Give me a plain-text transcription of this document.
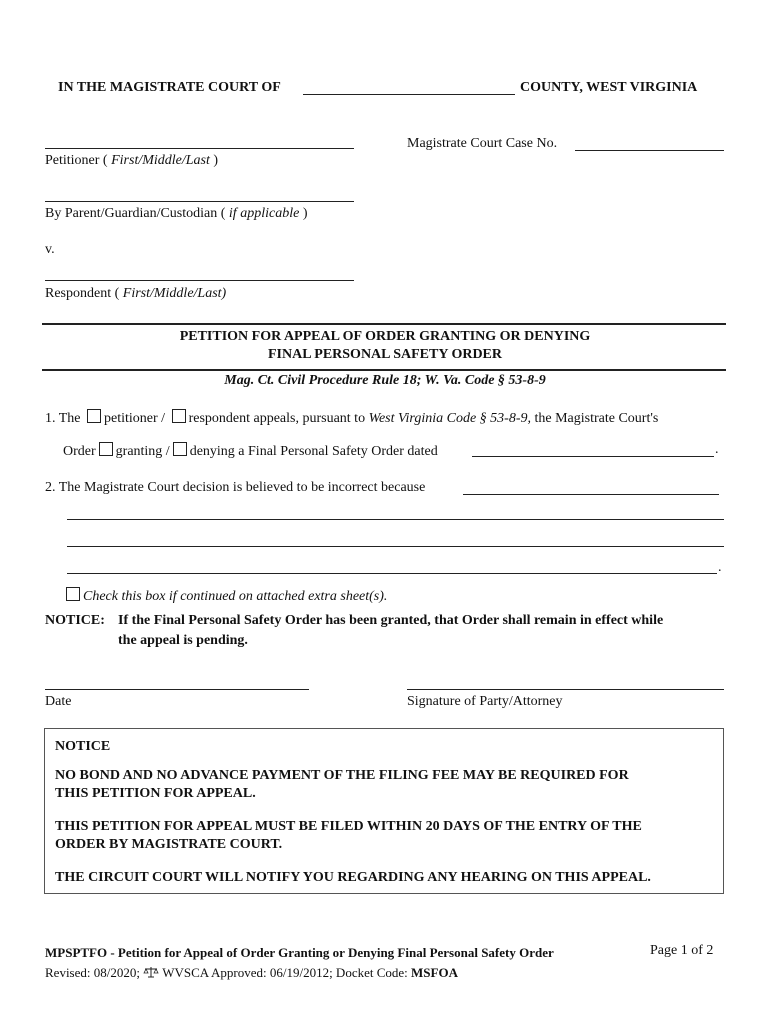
IN THE MAGISTRATE COURT OF	COUNTY, WEST VIRGINIA
Petitioner ( First/Middle/Last )
Magistrate Court Case No.
By Parent/Guardian/Custodian ( if applicable )
v.
Respondent ( First/Middle/Last)
PETITION FOR APPEAL OF ORDER GRANTING OR DENYING
FINAL PERSONAL SAFETY ORDER
Mag. Ct. Civil Procedure Rule 18; W. Va. Code § 53-8-9
1. The petitioner / respondent appeals, pursuant to West Virginia Code § 53-8-9, the Magistrate Court's
Order granting / denying a Final Personal Safety Order dated	.
2. The Magistrate Court decision is believed to be incorrect because
.
Check this box if continued on attached extra sheet(s).
NOTICE: If the Final Personal Safety Order has been granted, that Order shall remain in effect while
the appeal is pending.
Date	Signature of Party/Attorney
NOTICE
NO BOND AND NO ADVANCE PAYMENT OF THE FILING FEE MAY BE REQUIRED FOR
THIS PETITION FOR APPEAL.
THIS PETITION FOR APPEAL MUST BE FILED WITHIN 20 DAYS OF THE ENTRY OF THE
ORDER BY MAGISTRATE COURT.
THE CIRCUIT COURT WILL NOTIFY YOU REGARDING ANY HEARING ON THIS APPEAL.
MPSPTFO - Petition for Appeal of Order Granting or Denying Final Personal Safety Order	Page 1 of 2
Revised: 08/2020; WVSCA Approved: 06/19/2012; Docket Code: MSFOA
